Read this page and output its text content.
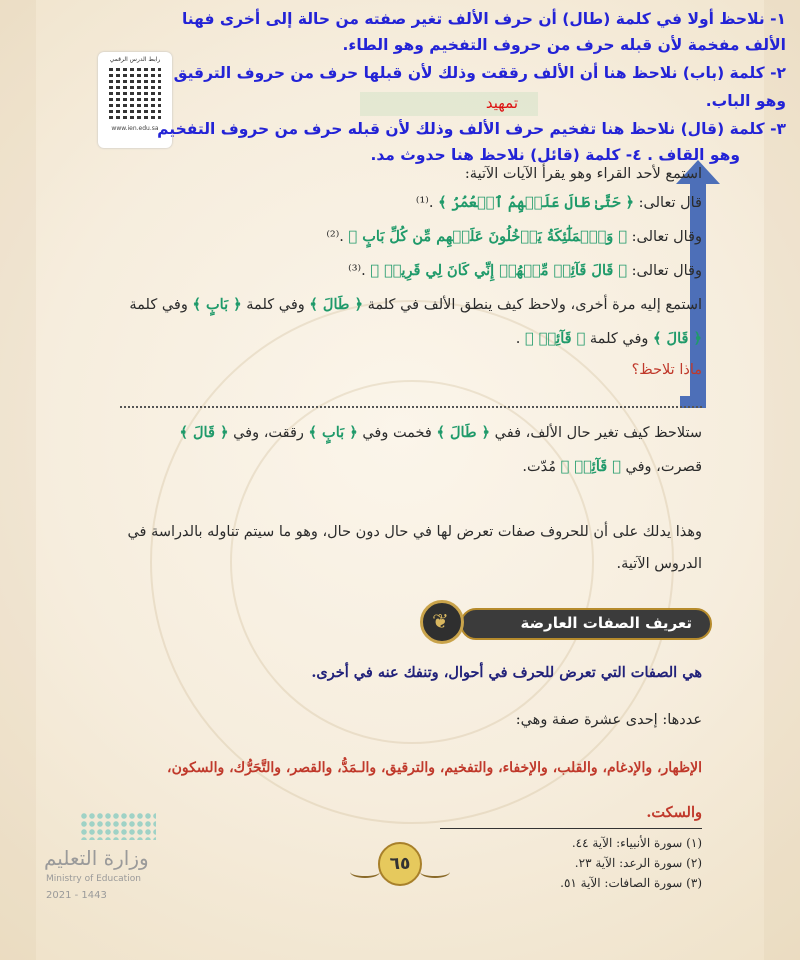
رابط الدرس الرقمي
www.ien.edu.sa
تمهيد
١- نلاحظ أولا في كلمة (طال) أن حرف الألف تغير صفته من حالة إلى أخرى فهنا
الألف مفخمة لأن قبله حرف من حروف التفخيم وهو الطاء.
٢- كلمة (باب) نلاحظ هنا أن الألف رققت وذلك لأن قبلها حرف من حروف الترقيق
وهو الباب.
٣- كلمة (قال) نلاحظ هنا تفخيم حرف الألف وذلك لأن قبله حرف من حروف التفخيم
وهو القاف . ٤- كلمة (قائل) نلاحظ هنا حدوث مد.
استمع لأحد القراء وهو يقرأ الآيات الآتية:
قال تعالى: ﴿ حَتَّىٰ طَالَ عَلَيۡهِمُ ٱلۡعُمُرُ ﴾ .⁽¹⁾
وقال تعالى: ﴿ وَٱلۡمَلَٰٓئِكَةُ يَدۡخُلُونَ عَلَيۡهِم مِّن كُلِّ بَابٍ ﴾ .⁽²⁾
وقال تعالى: ﴿ قَالَ قَآئِلٞ مِّنۡهُمۡ إِنِّي كَانَ لِي قَرِينٞ ﴾ .⁽³⁾
استمع إليه مرة أخرى، ولاحظ كيف ينطق الألف في كلمة ﴿ طَالَ ﴾ وفي كلمة ﴿ بَابٍ ﴾ وفي كلمة
﴿ قَالَ ﴾ وفي كلمة ﴿ قَآئِلٞ ﴾ .
ماذا تلاحظ؟
ستلاحظ كيف تغير حال الألف، ففي ﴿ طَالَ ﴾ فخمت وفي ﴿ بَابٍ ﴾ رققت، وفي ﴿ قَالَ ﴾
قصرت، وفي ﴿ قَآئِلٞ ﴾ مُدّت.
وهذا يدلك على أن للحروف صفات تعرض لها في حال دون حال، وهو ما سيتم تناوله بالدراسة في
الدروس الآتية.
تعريف الصفات العارضة
❦
هي الصفات التي تعرض للحرف في أحوال، وتنفك عنه في أخرى.
عددها: إحدى عشرة صفة وهي:
الإظهار، والإدغام، والقلب، والإخفاء، والتفخيم، والترقيق، والـمَدُّ، والقصر، والتَّحَرُّك، والسكون،
والسكت.
(١) سورة الأنبياء: الآية ٤٤.
(٢) سورة الرعد: الآية ٢٣.
(٣) سورة الصافات: الآية ٥١.
٦٥
وزارة التعليم
Ministry of Education
2021 - 1443
